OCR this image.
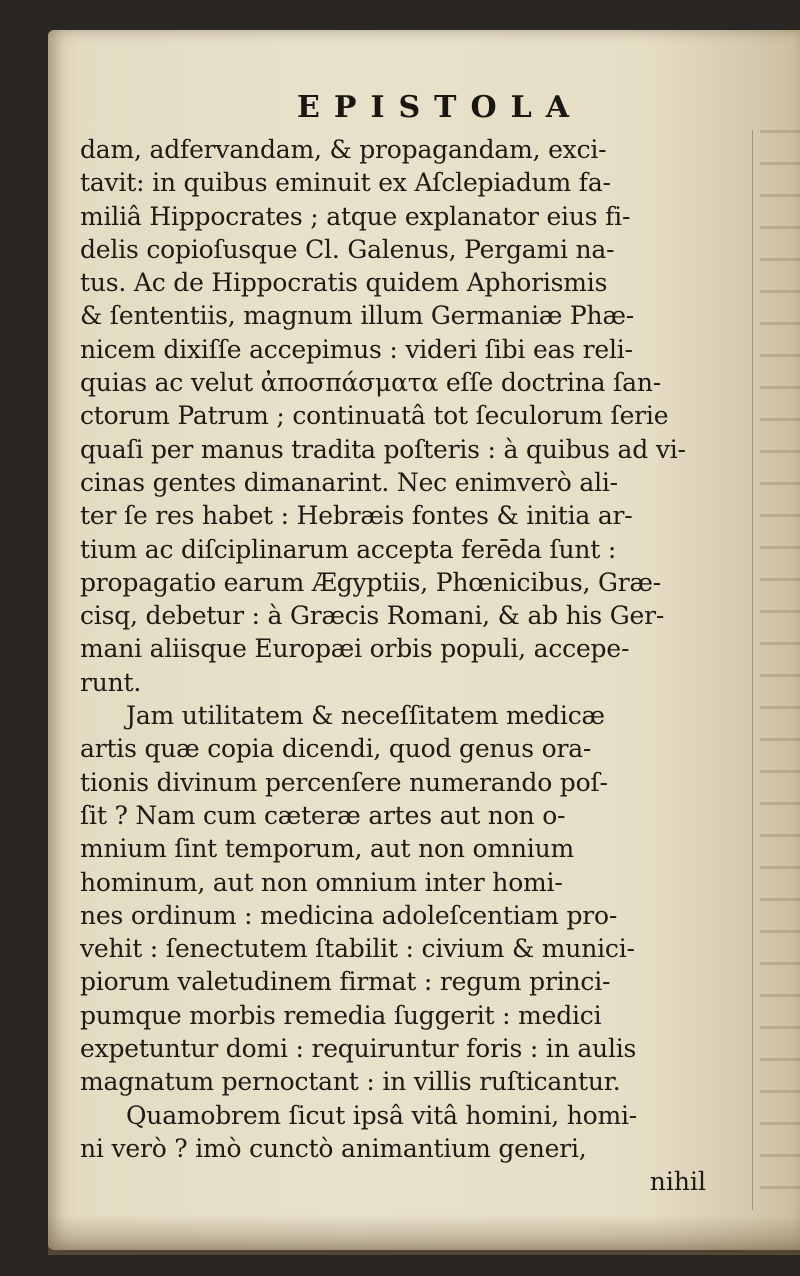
EPISTOLA
dam, adfervandam, & propagandam, exci-
tavit: in quibus eminuit ex Aſclepiadum fa-
miliâ Hippocrates ; atque explanator eius fi-
delis copioſusque Cl. Galenus, Pergami na-
tus. Ac de Hippocratis quidem Aphorismis
& ſententiis, magnum illum Germaniæ Phæ-
nicem dixiſſe accepimus : videri ſibi eas reli-
quias ac velut ἀποσπάσματα eſſe doctrina ſan-
ctorum Patrum ; continuatâ tot ſeculorum ſerie
quaſi per manus tradita poſteris : à quibus ad vi-
cinas gentes dimanarint. Nec enimverò ali-
ter ſe res habet : Hebræis fontes & initia ar-
tium ac diſciplinarum accepta ferēda ſunt :
propagatio earum Ægyptiis, Phœnicibus, Græ-
cisq, debetur : à Græcis Romani, & ab his Ger-
mani aliisque Europæi orbis populi, accepe-
runt.
Jam utilitatem & neceſſitatem medicæ
artis quæ copia dicendi, quod genus ora-
tionis divinum percenſere numerando poſ-
ſit ? Nam cum cæteræ artes aut non o-
mnium ſint temporum, aut non omnium
hominum, aut non omnium inter homi-
nes ordinum : medicina adoleſcentiam pro-
vehit : ſenectutem ſtabilit : civium & munici-
piorum valetudinem firmat : regum princi-
pumque morbis remedia ſuggerit : medici
expetuntur domi : requiruntur foris : in aulis
magnatum pernoctant : in villis ruſticantur.
Quamobrem ſicut ipsâ vitâ homini, homi-
ni verò ? imò cunctò animantium generi,
nihil
